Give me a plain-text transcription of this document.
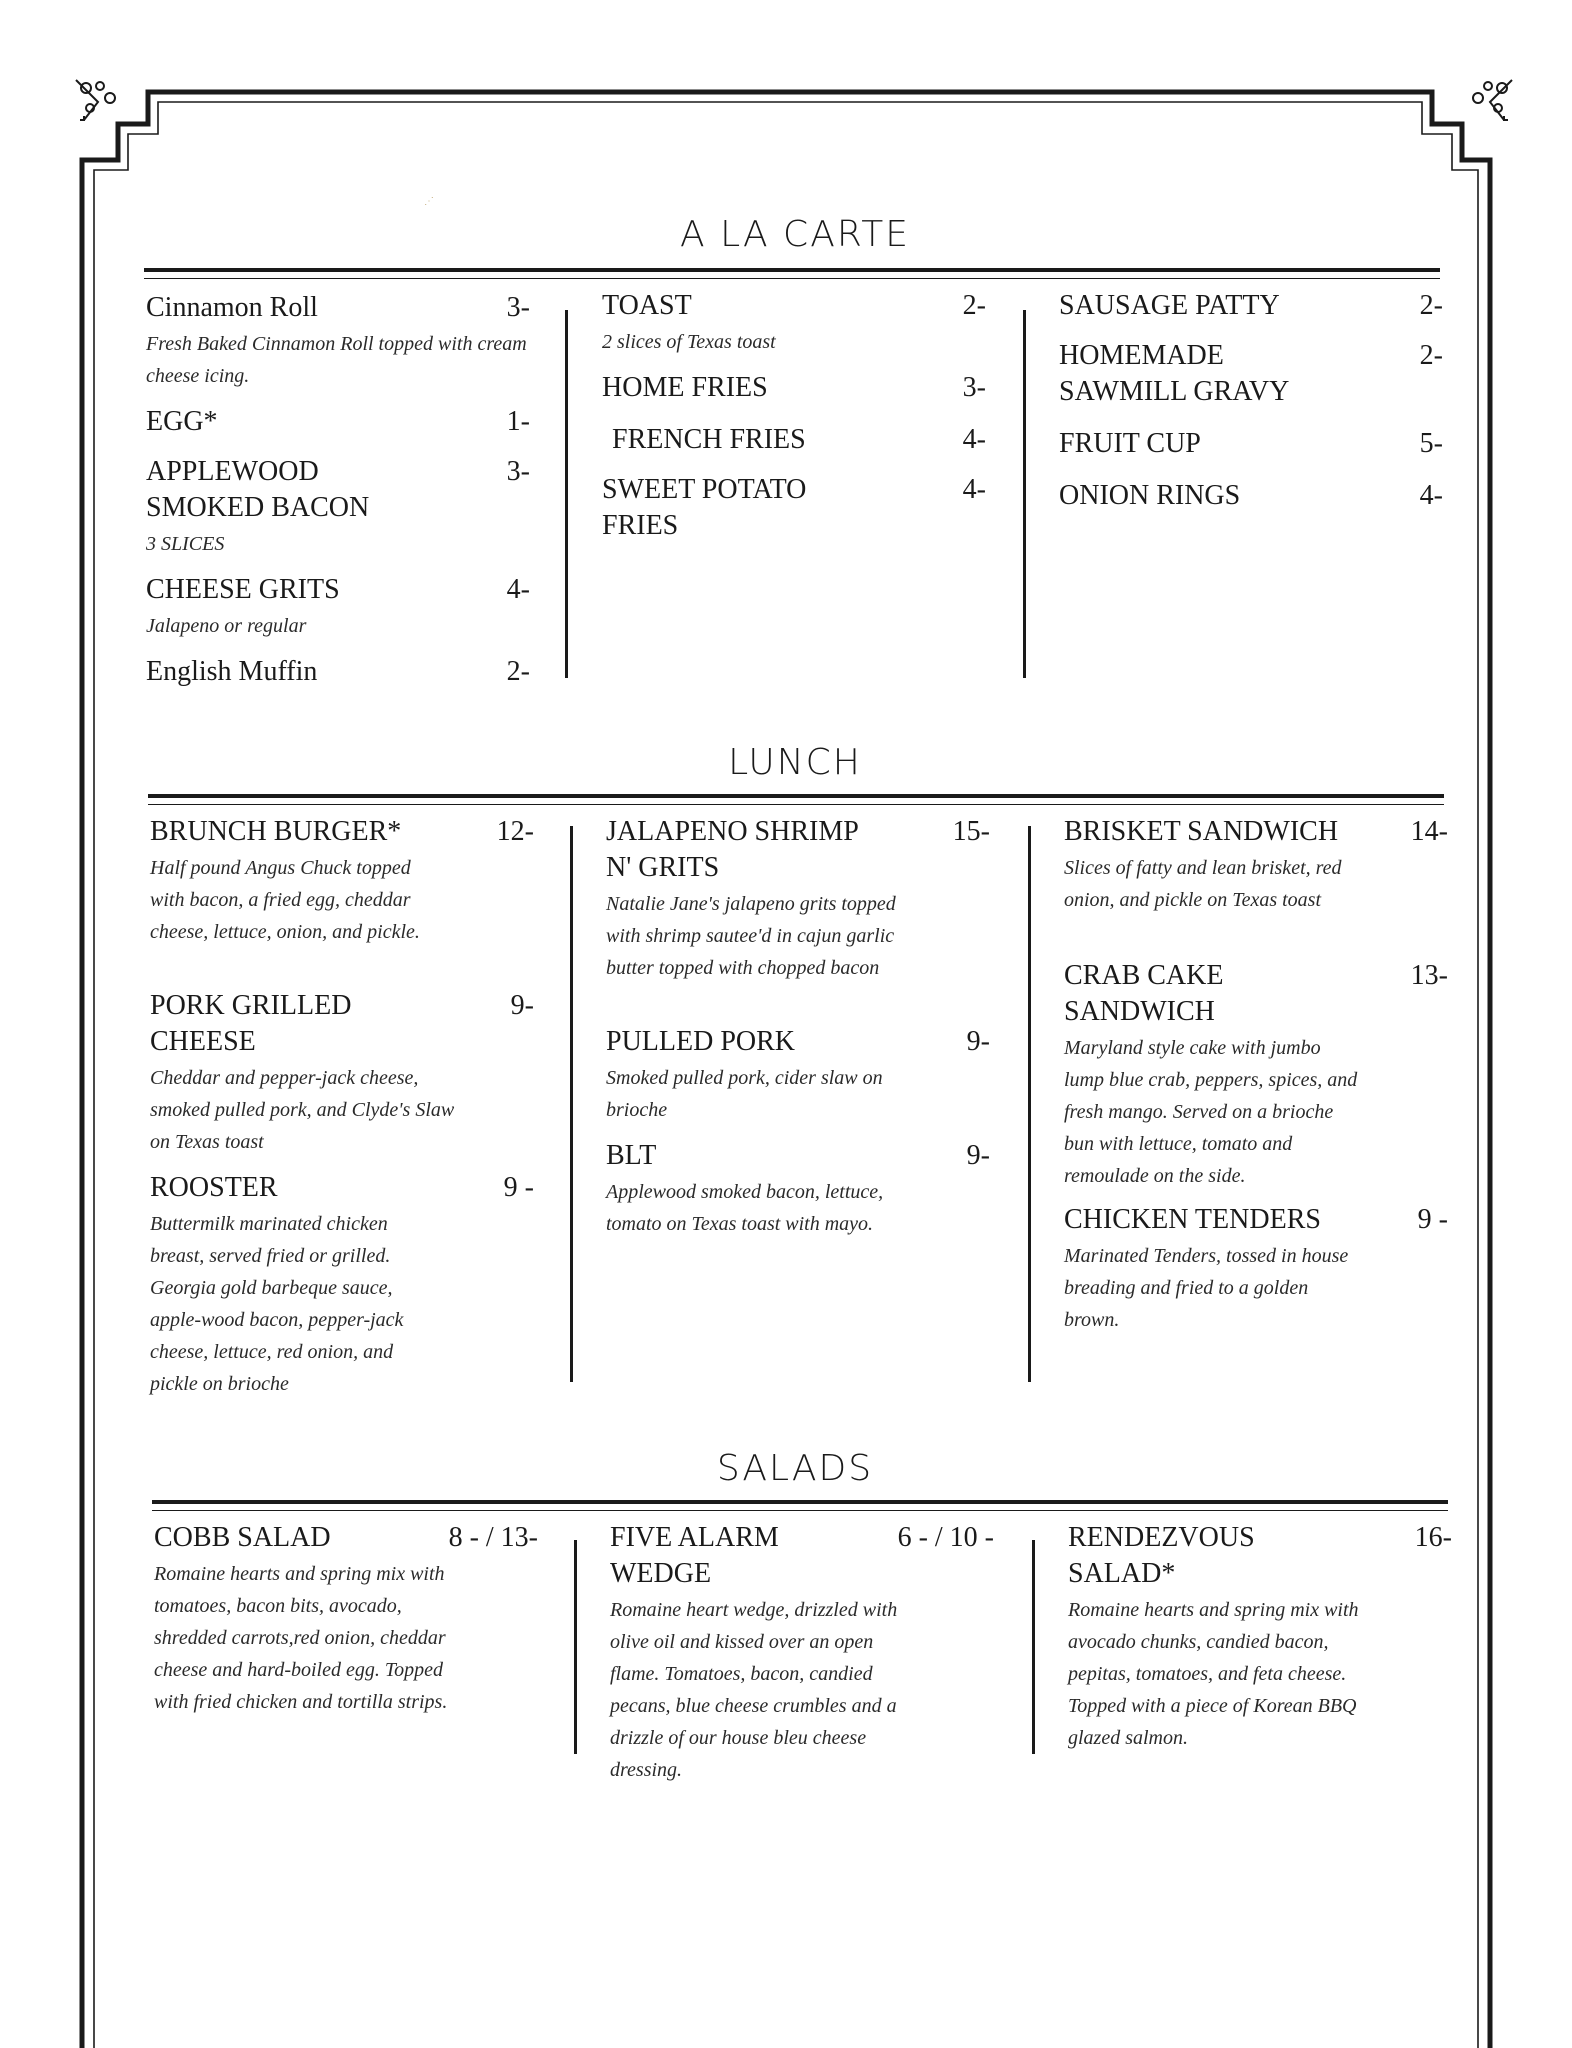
⋰
A LA CARTE
Cinnamon Roll	3-
Fresh Baked Cinnamon Roll topped with cream cheese icing.
EGG*	1-
APPLEWOOD SMOKED BACON
3-
3 SLICES
CHEESE GRITS	4-
Jalapeno or regular
English Muffin	2-
TOAST	2-
2 slices of Texas toast
HOME FRIES	3-
FRENCH FRIES	4-
SWEET POTATO FRIES
4-
SAUSAGE PATTY	2-
HOMEMADE SAWMILL GRAVY
2-
FRUIT CUP	5-
ONION RINGS	4-
LUNCH
BRUNCH BURGER*	12-
Half pound Angus Chuck topped with bacon, a fried egg, cheddar cheese, lettuce, onion, and pickle.
PORK GRILLED CHEESE
9-
Cheddar and pepper-jack cheese, smoked pulled pork, and Clyde's Slaw on Texas toast
ROOSTER	9 -
Buttermilk marinated chicken breast, served fried or grilled. Georgia gold barbeque sauce, apple-wood bacon, pepper-jack cheese, lettuce, red onion, and pickle on brioche
JALAPENO SHRIMP N' GRITS
15-
Natalie Jane's jalapeno grits topped with shrimp sautee'd in cajun garlic butter topped with chopped bacon
PULLED PORK	9-
Smoked pulled pork, cider slaw on brioche
BLT	9-
Applewood smoked bacon, lettuce, tomato on Texas toast with mayo.
BRISKET SANDWICH	14-
Slices of fatty and lean brisket, red onion, and pickle on Texas toast
CRAB CAKE SANDWICH
13-
Maryland style cake with jumbo lump blue crab, peppers, spices, and fresh mango. Served on a brioche bun with lettuce, tomato and remoulade on the side.
CHICKEN TENDERS	9 -
Marinated Tenders, tossed in house breading and fried to a golden brown.
SALADS
COBB SALAD	8 - / 13-
Romaine hearts and spring mix with tomatoes, bacon bits, avocado, shredded carrots,red onion, cheddar cheese and hard-boiled egg. Topped with fried chicken and tortilla strips.
FIVE ALARM WEDGE
6 - / 10 -
Romaine heart wedge, drizzled with olive oil and kissed over an open flame. Tomatoes, bacon, candied pecans, blue cheese crumbles and a drizzle of our house bleu cheese dressing.
RENDEZVOUS SALAD*
16-
Romaine hearts and spring mix with avocado chunks, candied bacon, pepitas, tomatoes, and feta cheese. Topped with a piece of Korean BBQ glazed salmon.
